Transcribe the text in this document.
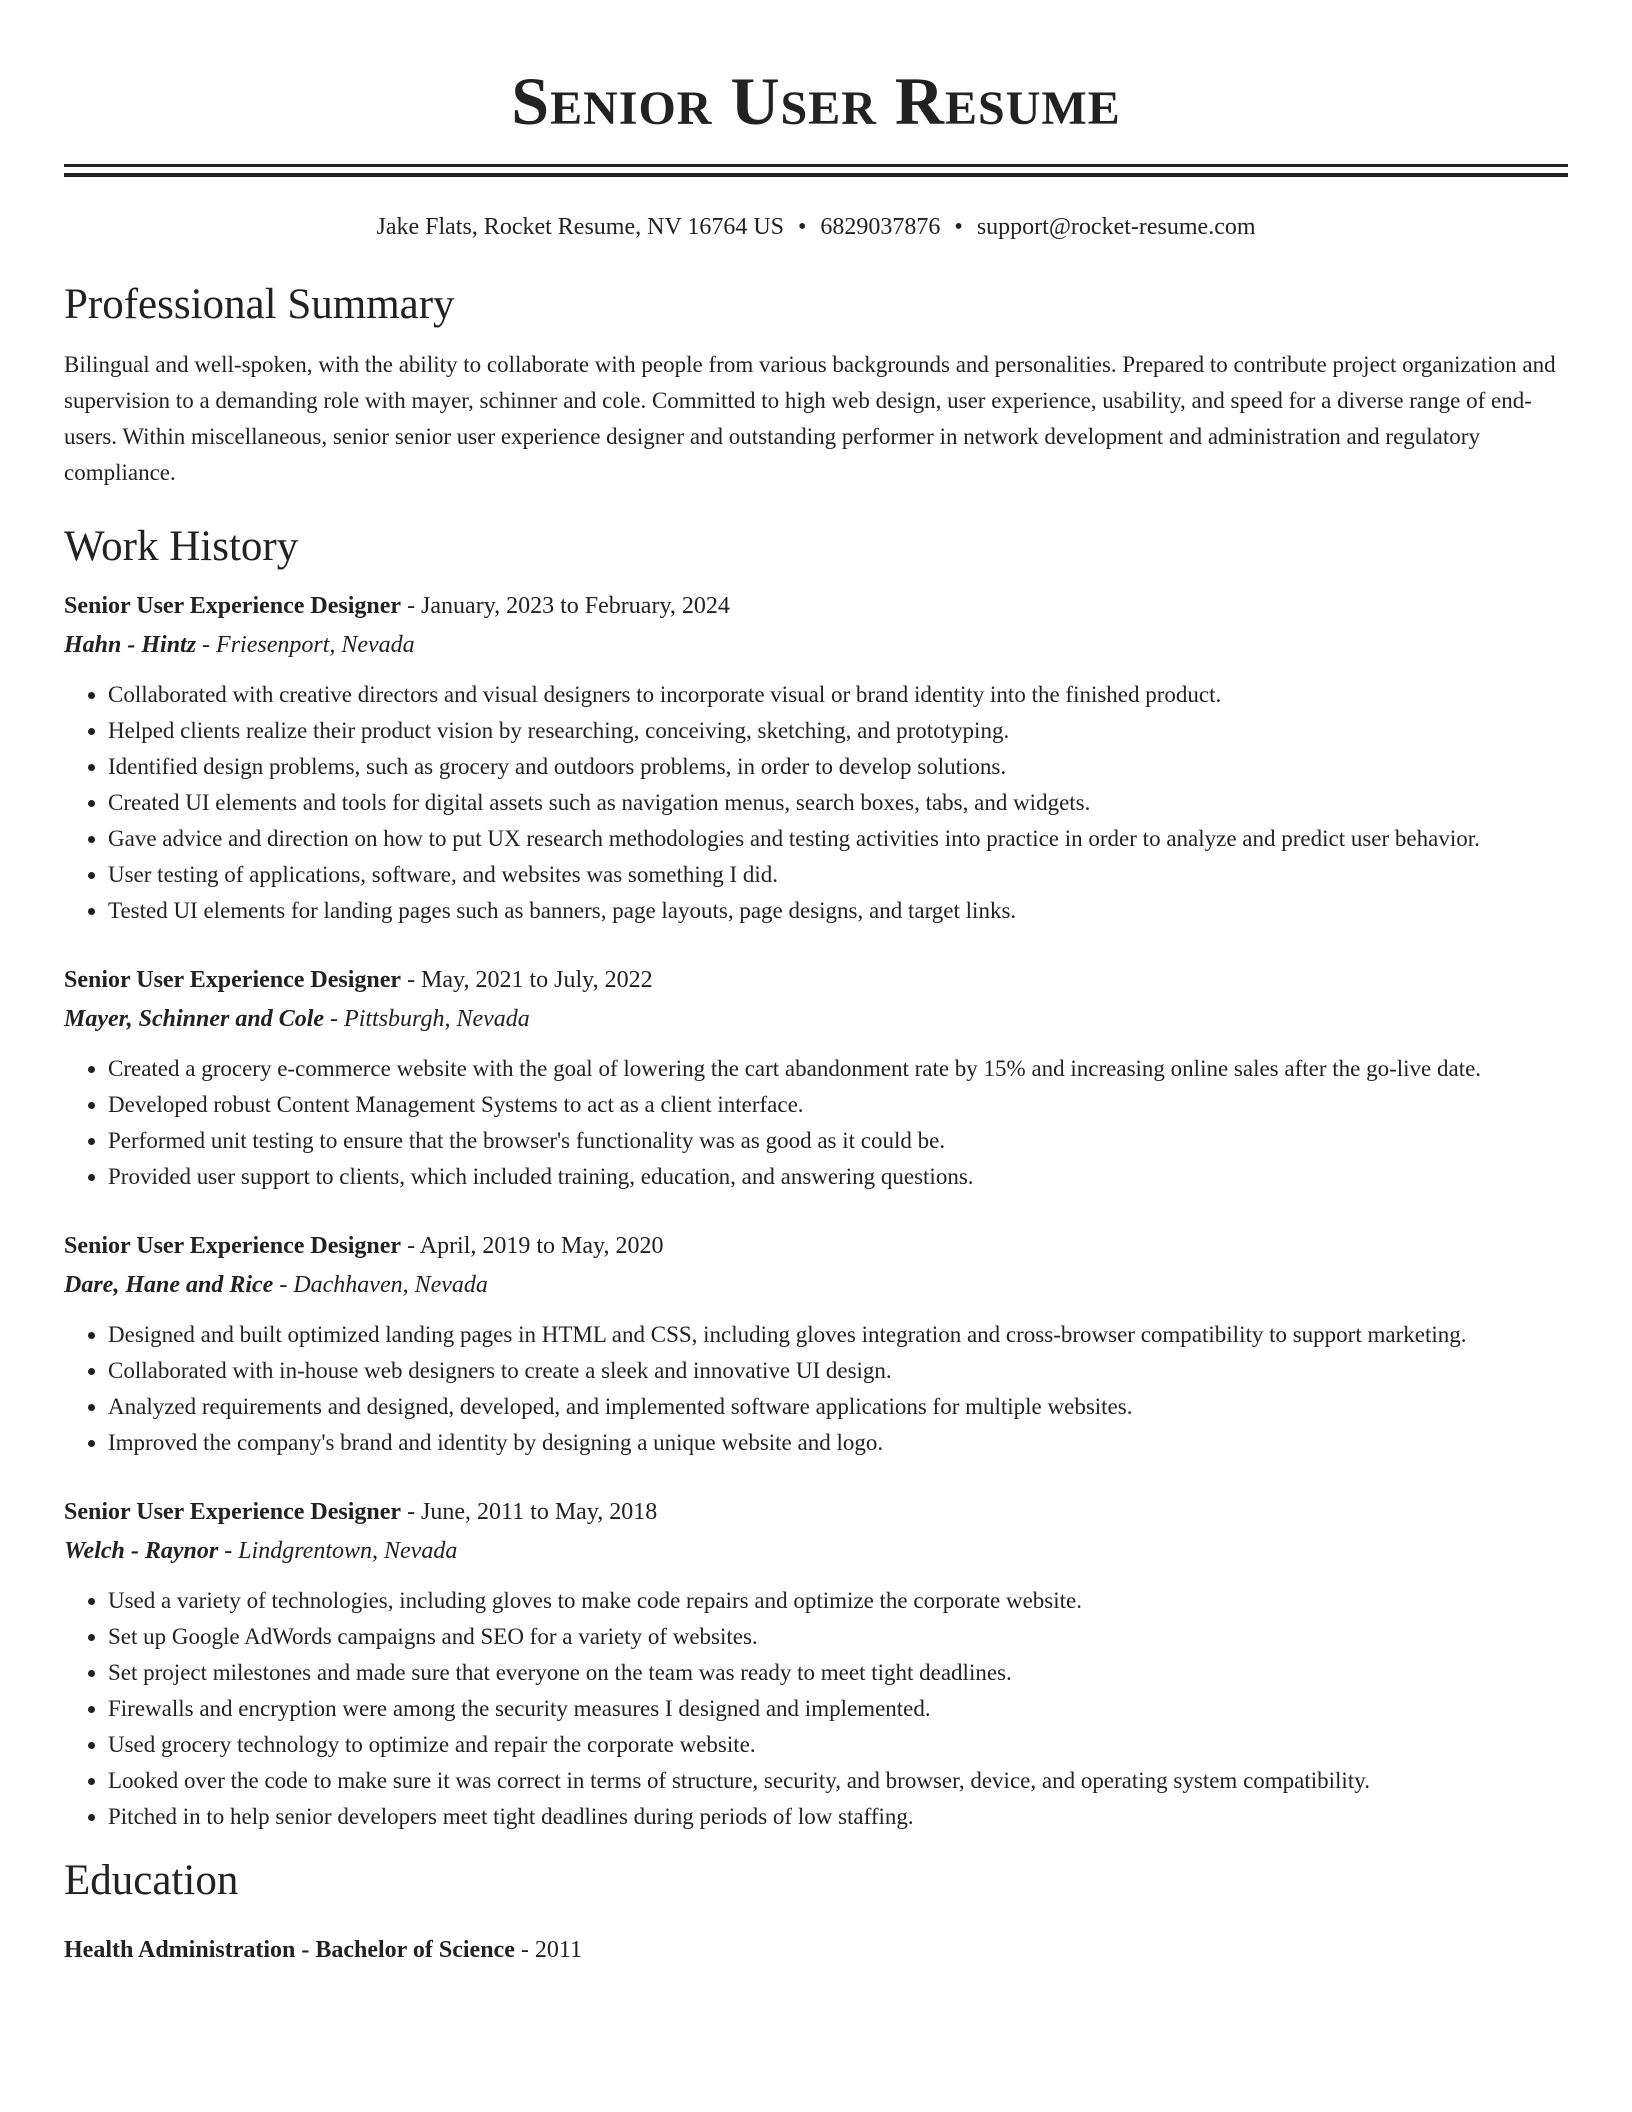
Senior User Resume
Jake Flats, Rocket Resume, NV 16764 US • 6829037876 • support@rocket-resume.com
Professional Summary

Bilingual and well-spoken, with the ability to collaborate with people from various backgrounds and personalities. Prepared to contribute project organization and supervision to a demanding role with mayer, schinner and cole. Committed to high web design, user experience, usability, and speed for a diverse range of end-users. Within miscellaneous, senior senior user experience designer and outstanding performer in network development and administration and regulatory compliance.

Work History
Senior User Experience Designer - January, 2023 to February, 2024
Hahn - Hintz - Friesenport, Nevada
• Collaborated with creative directors and visual designers to incorporate visual or brand identity into the finished product.
• Helped clients realize their product vision by researching, conceiving, sketching, and prototyping.
• Identified design problems, such as grocery and outdoors problems, in order to develop solutions.
• Created UI elements and tools for digital assets such as navigation menus, search boxes, tabs, and widgets.
• Gave advice and direction on how to put UX research methodologies and testing activities into practice in order to analyze and predict user behavior.
• User testing of applications, software, and websites was something I did.
• Tested UI elements for landing pages such as banners, page layouts, page designs, and target links.
Senior User Experience Designer - May, 2021 to July, 2022
Mayer, Schinner and Cole - Pittsburgh, Nevada
• Created a grocery e-commerce website with the goal of lowering the cart abandonment rate by 15% and increasing online sales after the go-live date.
• Developed robust Content Management Systems to act as a client interface.
• Performed unit testing to ensure that the browser's functionality was as good as it could be.
• Provided user support to clients, which included training, education, and answering questions.
Senior User Experience Designer - April, 2019 to May, 2020
Dare, Hane and Rice - Dachhaven, Nevada
• Designed and built optimized landing pages in HTML and CSS, including gloves integration and cross-browser compatibility to support marketing.
• Collaborated with in-house web designers to create a sleek and innovative UI design.
• Analyzed requirements and designed, developed, and implemented software applications for multiple websites.
• Improved the company's brand and identity by designing a unique website and logo.
Senior User Experience Designer - June, 2011 to May, 2018
Welch - Raynor - Lindgrentown, Nevada
• Used a variety of technologies, including gloves to make code repairs and optimize the corporate website.
• Set up Google AdWords campaigns and SEO for a variety of websites.
• Set project milestones and made sure that everyone on the team was ready to meet tight deadlines.
• Firewalls and encryption were among the security measures I designed and implemented.
• Used grocery technology to optimize and repair the corporate website.
• Looked over the code to make sure it was correct in terms of structure, security, and browser, device, and operating system compatibility.
• Pitched in to help senior developers meet tight deadlines during periods of low staffing.
Education
Health Administration - Bachelor of Science - 2011
